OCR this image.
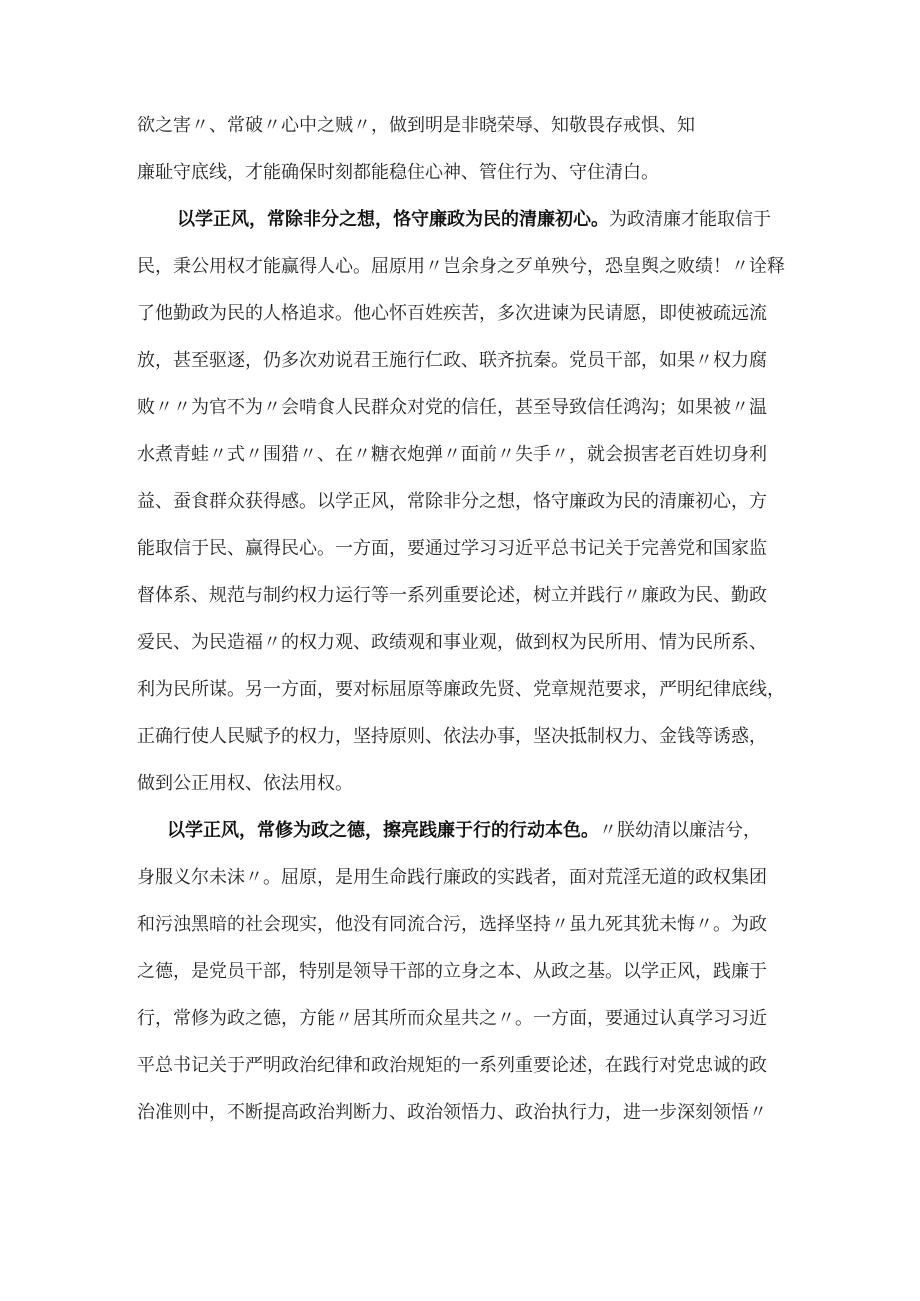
欲之害〃、常破〃心中之贼〃，做到明是非晓荣辱、知敬畏存戒惧、知
廉耻守底线，才能确保时刻都能稳住心神、管住行为、守住清白。
以学正风，常除非分之想，恪守廉政为民的清廉初心。为政清廉才能取信于
民，秉公用权才能赢得人心。屈原用〃岂余身之歹单殃兮，恐皇舆之败绩！〃诠释
了他勤政为民的人格追求。他心怀百姓疾苦，多次进谏为民请愿，即使被疏远流
放，甚至驱逐，仍多次劝说君王施行仁政、联齐抗秦。党员干部，如果〃权力腐
败〃〃为官不为〃会啃食人民群众对党的信任，甚至导致信任鸿沟；如果被〃温
水煮青蛙〃式〃围猎〃、在〃糖衣炮弹〃面前〃失手〃，就会损害老百姓切身利
益、蚕食群众获得感。以学正风，常除非分之想，恪守廉政为民的清廉初心，方
能取信于民、赢得民心。一方面，要通过学习习近平总书记关于完善党和国家监
督体系、规范与制约权力运行等一系列重要论述，树立并践行〃廉政为民、勤政
爱民、为民造福〃的权力观、政绩观和事业观，做到权为民所用、情为民所系、
利为民所谋。另一方面，要对标屈原等廉政先贤、党章规范要求，严明纪律底线，
正确行使人民赋予的权力，坚持原则、依法办事，坚决抵制权力、金钱等诱惑，
做到公正用权、依法用权。
以学正风，常修为政之德，擦亮践廉于行的行动本色。〃朕幼清以廉洁兮，
身服义尔未沫〃。屈原，是用生命践行廉政的实践者，面对荒淫无道的政权集团
和污浊黑暗的社会现实，他没有同流合污，选择坚持〃虽九死其犹未悔〃。为政
之德，是党员干部，特别是领导干部的立身之本、从政之基。以学正风，践廉于
行，常修为政之德，方能〃居其所而众星共之〃。一方面，要通过认真学习习近
平总书记关于严明政治纪律和政治规矩的一系列重要论述，在践行对党忠诚的政
治准则中，不断提高政治判断力、政治领悟力、政治执行力，进一步深刻领悟〃
